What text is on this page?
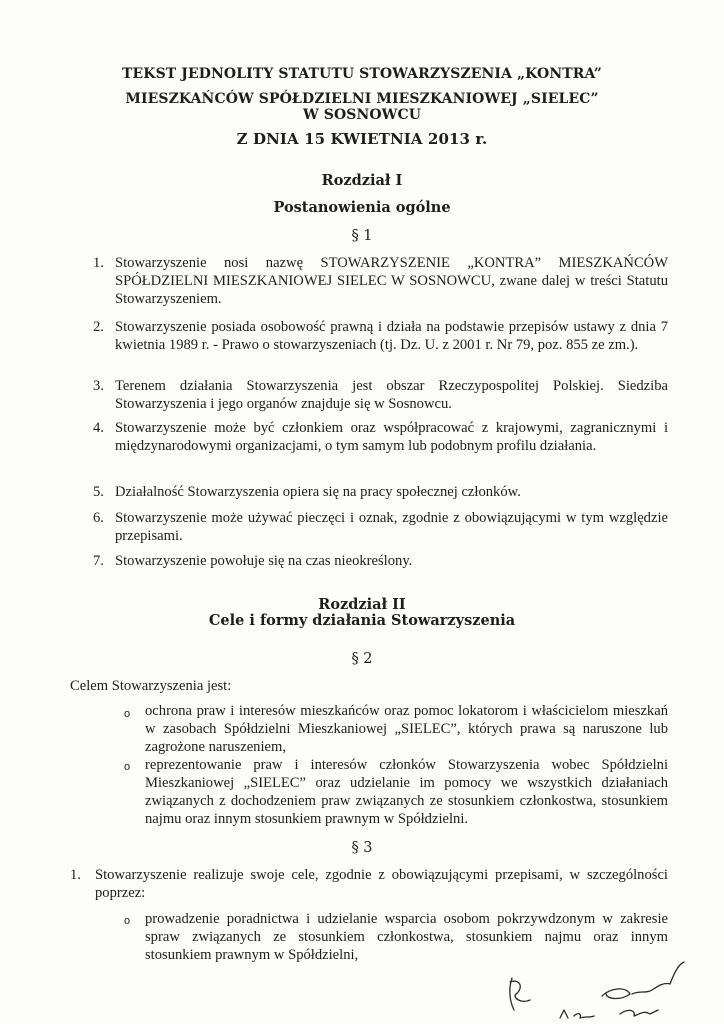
TEKST JEDNOLITY STATUTU STOWARZYSZENIA „KONTRA”
MIESZKAŃCÓW SPÓŁDZIELNI MIESZKANIOWEJ „SIELEC”
W SOSNOWCU
Z DNIA 15 KWIETNIA 2013 r.
Rozdział I
Postanowienia ogólne
§ 1
1. Stowarzyszenie nosi nazwę STOWARZYSZENIE „KONTRA” MIESZKAŃCÓW SPÓŁDZIELNI MIESZKANIOWEJ SIELEC W SOSNOWCU, zwane dalej w treści Statutu Stowarzyszeniem.
2. Stowarzyszenie posiada osobowość prawną i działa na podstawie przepisów ustawy z dnia 7 kwietnia 1989 r. - Prawo o stowarzyszeniach (tj. Dz. U. z 2001 r. Nr 79, poz. 855 ze zm.).
3. Terenem działania Stowarzyszenia jest obszar Rzeczypospolitej Polskiej. Siedziba Stowarzyszenia i jego organów znajduje się w Sosnowcu.
4. Stowarzyszenie może być członkiem oraz współpracować z krajowymi, zagranicznymi i międzynarodowymi organizacjami, o tym samym lub podobnym profilu działania.
5. Działalność Stowarzyszenia opiera się na pracy społecznej członków.
6. Stowarzyszenie może używać pieczęci i oznak, zgodnie z obowiązującymi w tym względzie przepisami.
7. Stowarzyszenie powołuje się na czas nieokreślony.
Rozdział II
Cele i formy działania Stowarzyszenia
§ 2
Celem Stowarzyszenia jest:
o ochrona praw i interesów mieszkańców oraz pomoc lokatorom i właścicielom mieszkań w zasobach Spółdzielni Mieszkaniowej „SIELEC”, których prawa są naruszone lub zagrożone naruszeniem,
o reprezentowanie praw i interesów członków Stowarzyszenia wobec Spółdzielni Mieszkaniowej „SIELEC” oraz udzielanie im pomocy we wszystkich działaniach związanych z dochodzeniem praw związanych ze stosunkiem członkostwa, stosunkiem najmu oraz innym stosunkiem prawnym w Spółdzielni.
§ 3
1. Stowarzyszenie realizuje swoje cele, zgodnie z obowiązującymi przepisami, w szczególności poprzez:
o prowadzenie poradnictwa i udzielanie wsparcia osobom pokrzywdzonym w zakresie spraw związanych ze stosunkiem członkostwa, stosunkiem najmu oraz innym stosunkiem prawnym w Spółdzielni,
